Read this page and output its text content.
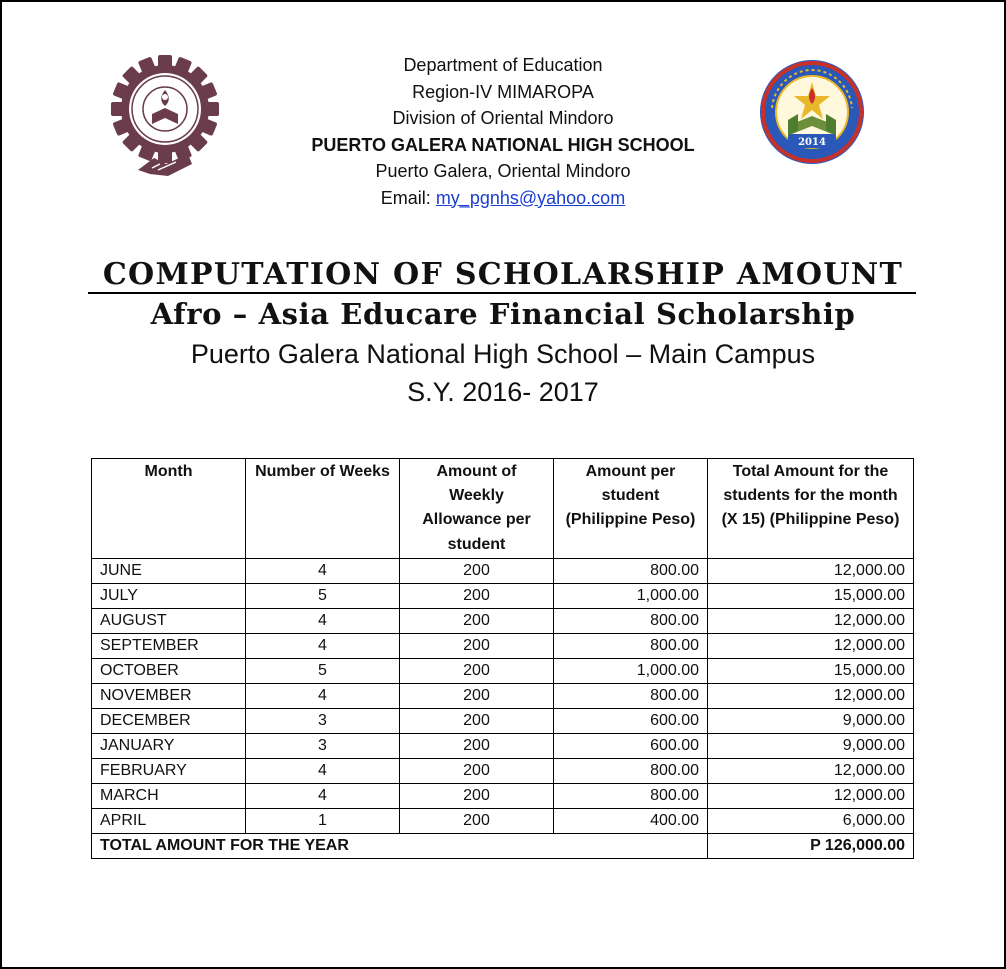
2014
Department of Education
Region-IV MIMAROPA
Division of Oriental Mindoro
PUERTO GALERA NATIONAL HIGH SCHOOL
Puerto Galera, Oriental Mindoro
Email: my_pgnhs@yahoo.com
COMPUTATION OF SCHOLARSHIP AMOUNT
Afro – Asia Educare Financial Scholarship
Puerto Galera National High School – Main Campus
S.Y. 2016- 2017
Month	Number of Weeks	Amount of Weekly Allowance per student	Amount per student (Philippine Peso)	Total Amount for the students for the month (X 15) (Philippine Peso)
JUNE	4	200	800.00	12,000.00
JULY	5	200	1,000.00	15,000.00
AUGUST	4	200	800.00	12,000.00
SEPTEMBER	4	200	800.00	12,000.00
OCTOBER	5	200	1,000.00	15,000.00
NOVEMBER	4	200	800.00	12,000.00
DECEMBER	3	200	600.00	9,000.00
JANUARY	3	200	600.00	9,000.00
FEBRUARY	4	200	800.00	12,000.00
MARCH	4	200	800.00	12,000.00
APRIL	1	200	400.00	6,000.00
TOTAL AMOUNT FOR THE YEAR				P 126,000.00
